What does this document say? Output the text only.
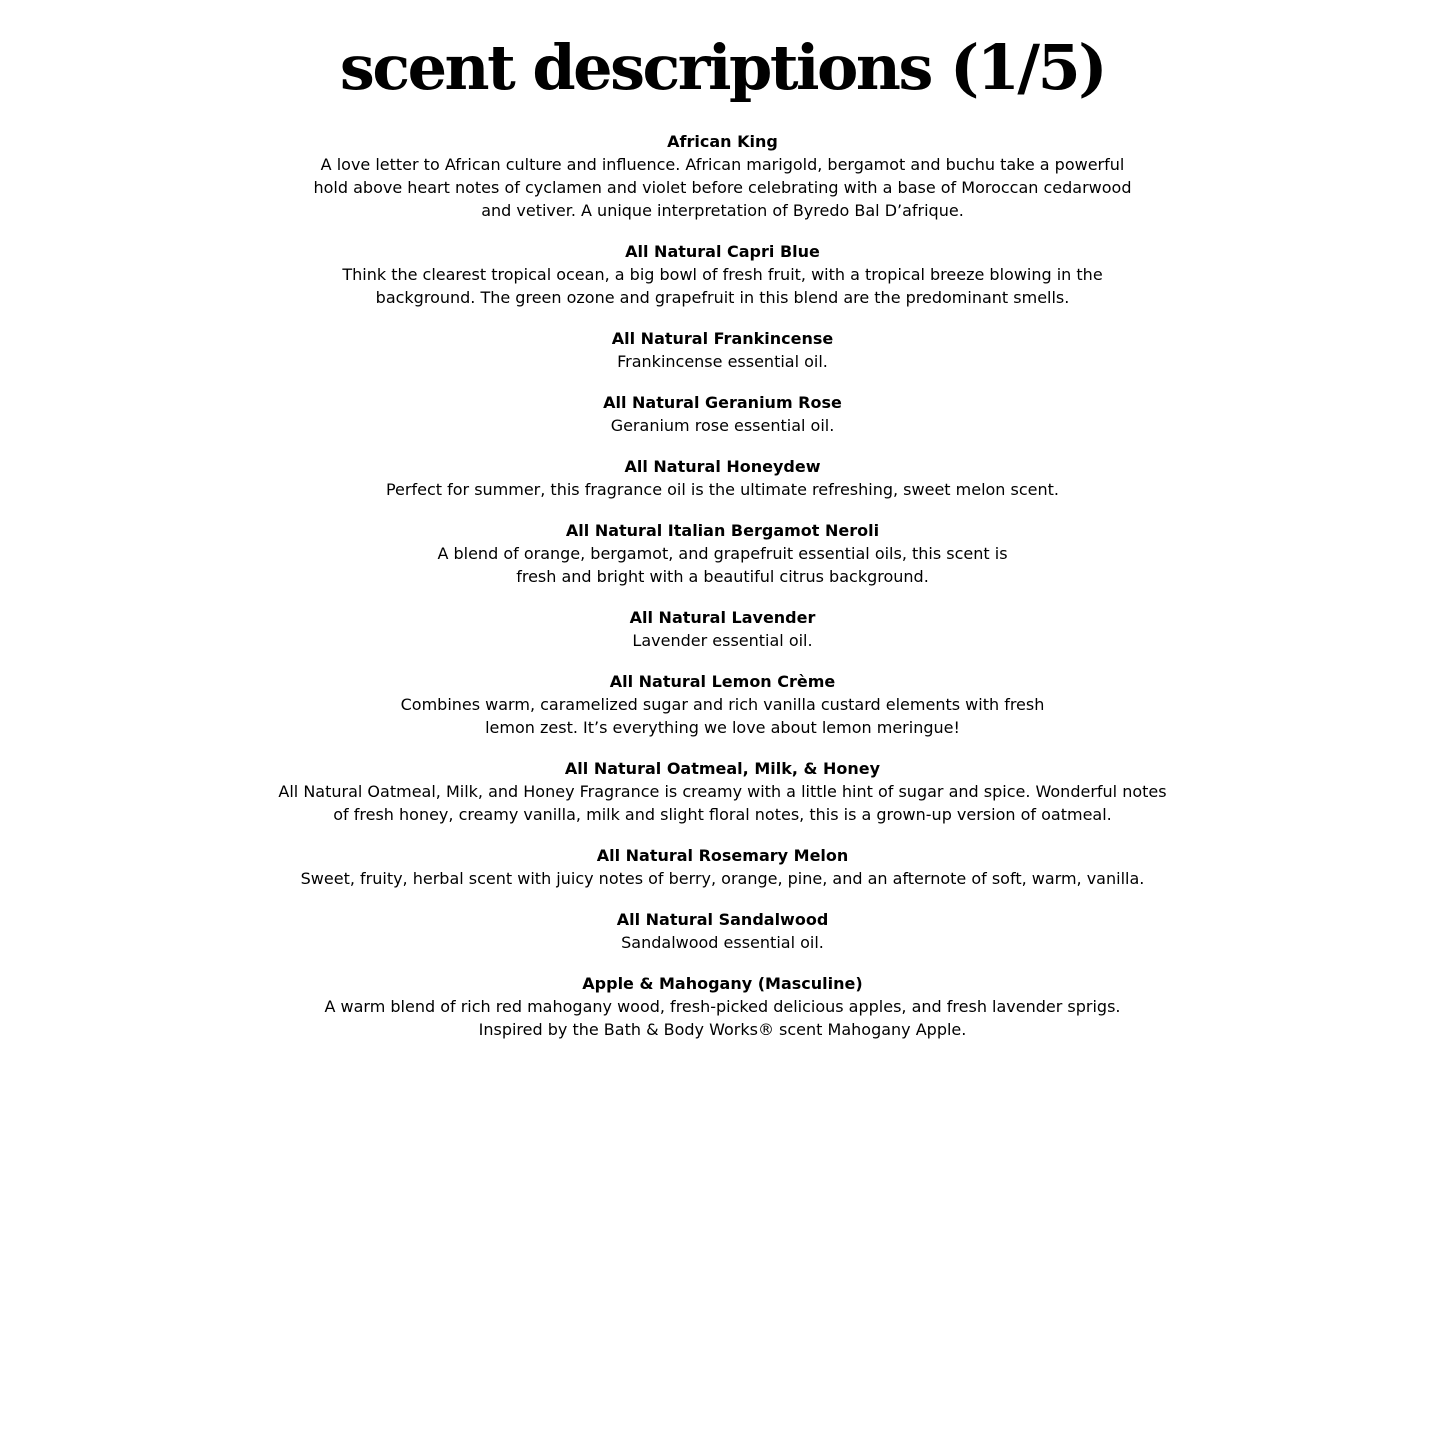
scent descriptions (1/5)
African King
A love letter to African culture and influence. African marigold, bergamot and buchu take a powerful
hold above heart notes of cyclamen and violet before celebrating with a base of Moroccan cedarwood
and vetiver. A unique interpretation of Byredo Bal D’afrique.
All Natural Capri Blue
Think the clearest tropical ocean, a big bowl of fresh fruit, with a tropical breeze blowing in the
background. The green ozone and grapefruit in this blend are the predominant smells.
All Natural Frankincense
Frankincense essential oil.
All Natural Geranium Rose
Geranium rose essential oil.
All Natural Honeydew
Perfect for summer, this fragrance oil is the ultimate refreshing, sweet melon scent.
All Natural Italian Bergamot Neroli
A blend of orange, bergamot, and grapefruit essential oils, this scent is
fresh and bright with a beautiful citrus background.
All Natural Lavender
Lavender essential oil.
All Natural Lemon Crème
Combines warm, caramelized sugar and rich vanilla custard elements with fresh
lemon zest. It’s everything we love about lemon meringue!
All Natural Oatmeal, Milk, & Honey
All Natural Oatmeal, Milk, and Honey Fragrance is creamy with a little hint of sugar and spice. Wonderful notes
of fresh honey, creamy vanilla, milk and slight floral notes, this is a grown-up version of oatmeal.
All Natural Rosemary Melon
Sweet, fruity, herbal scent with juicy notes of berry, orange, pine, and an afternote of soft, warm, vanilla.
All Natural Sandalwood
Sandalwood essential oil.
Apple & Mahogany (Masculine)
A warm blend of rich red mahogany wood, fresh-picked delicious apples, and fresh lavender sprigs.
Inspired by the Bath & Body Works® scent Mahogany Apple.
